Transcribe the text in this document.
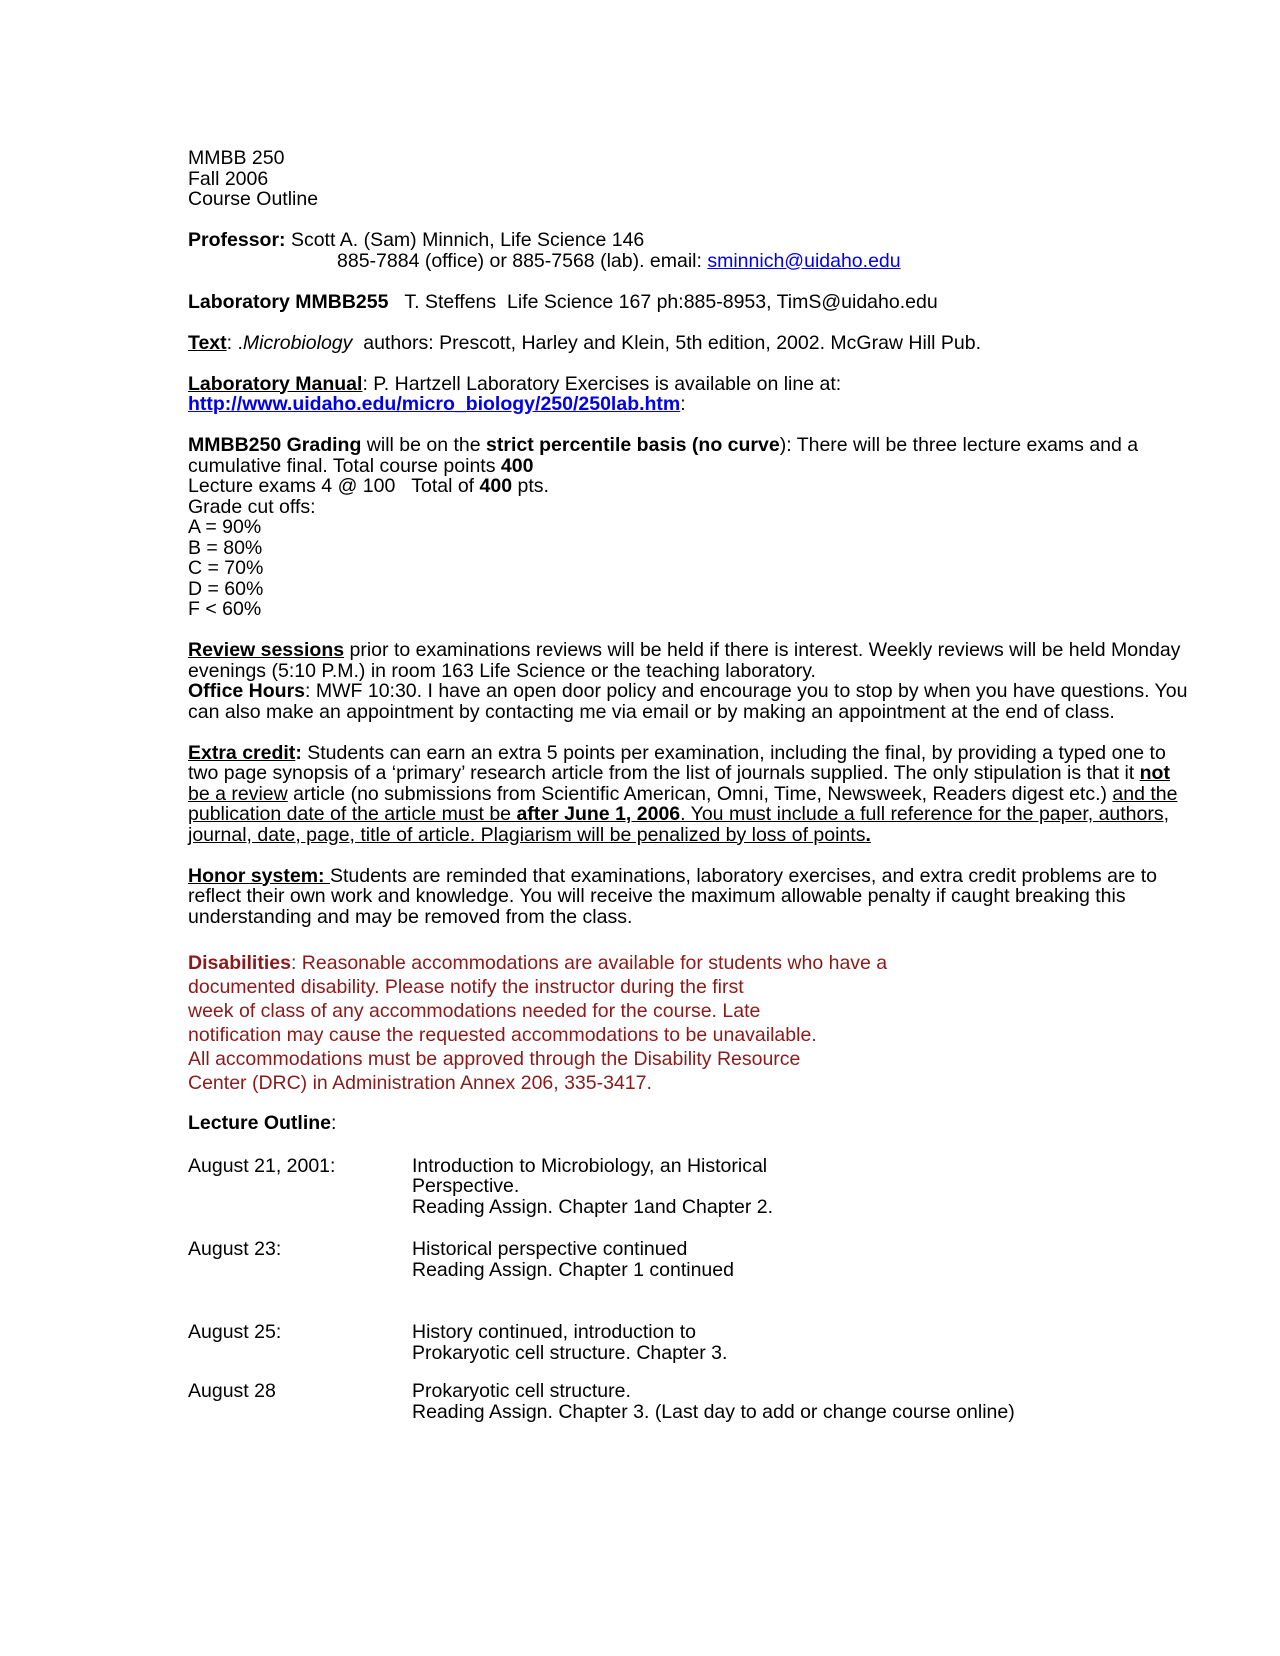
MMBB 250
Fall 2006
Course Outline
Professor: Scott A. (Sam) Minnich, Life Science 146
885-7884 (office) or 885-7568 (lab). email: sminnich@uidaho.edu
Laboratory MMBB255   T. Steffens  Life Science 167 ph:885-8953, TimS@uidaho.edu
Text: .Microbiology  authors: Prescott, Harley and Klein, 5th edition, 2002. McGraw Hill Pub.
Laboratory Manual: P. Hartzell Laboratory Exercises is available on line at:
http://www.uidaho.edu/micro_biology/250/250lab.htm:
MMBB250 Grading will be on the strict percentile basis (no curve): There will be three lecture exams and a cumulative final. Total course points 400
Lecture exams 4 @ 100   Total of 400 pts.
Grade cut offs:
A = 90%
B = 80%
C = 70%
D = 60%
F < 60%
Review sessions prior to examinations reviews will be held if there is interest. Weekly reviews will be held Monday evenings (5:10 P.M.) in room 163 Life Science or the teaching laboratory.
Office Hours: MWF 10:30. I have an open door policy and encourage you to stop by when you have questions. You can also make an appointment by contacting me via email or by making an appointment at the end of class.
Extra credit: Students can earn an extra 5 points per examination, including the final, by providing a typed one to two page synopsis of a ‘primary’ research article from the list of journals supplied. The only stipulation is that it not be a review article (no submissions from Scientific American, Omni, Time, Newsweek, Readers digest etc.) and the publication date of the article must be after June 1, 2006. You must include a full reference for the paper, authors, journal, date, page, title of article. Plagiarism will be penalized by loss of points.
Honor system: Students are reminded that examinations, laboratory exercises, and extra credit problems are to reflect their own work and knowledge. You will receive the maximum allowable penalty if caught breaking this understanding and may be removed from the class.
Disabilities: Reasonable accommodations are available for students who have a
documented disability. Please notify the instructor during the first
week of class of any accommodations needed for the course. Late
notification may cause the requested accommodations to be unavailable.
All accommodations must be approved through the Disability Resource
Center (DRC) in Administration Annex 206, 335-3417.
Lecture Outline:
August 21, 2001:	Introduction to Microbiology, an Historical
Perspective.
Reading Assign. Chapter 1and Chapter 2.
August 23:	Historical perspective continued
Reading Assign. Chapter 1 continued
August 25:	History continued, introduction to
Prokaryotic cell structure. Chapter 3.
August 28	Prokaryotic cell structure.
Reading Assign. Chapter 3. (Last day to add or change course online)
